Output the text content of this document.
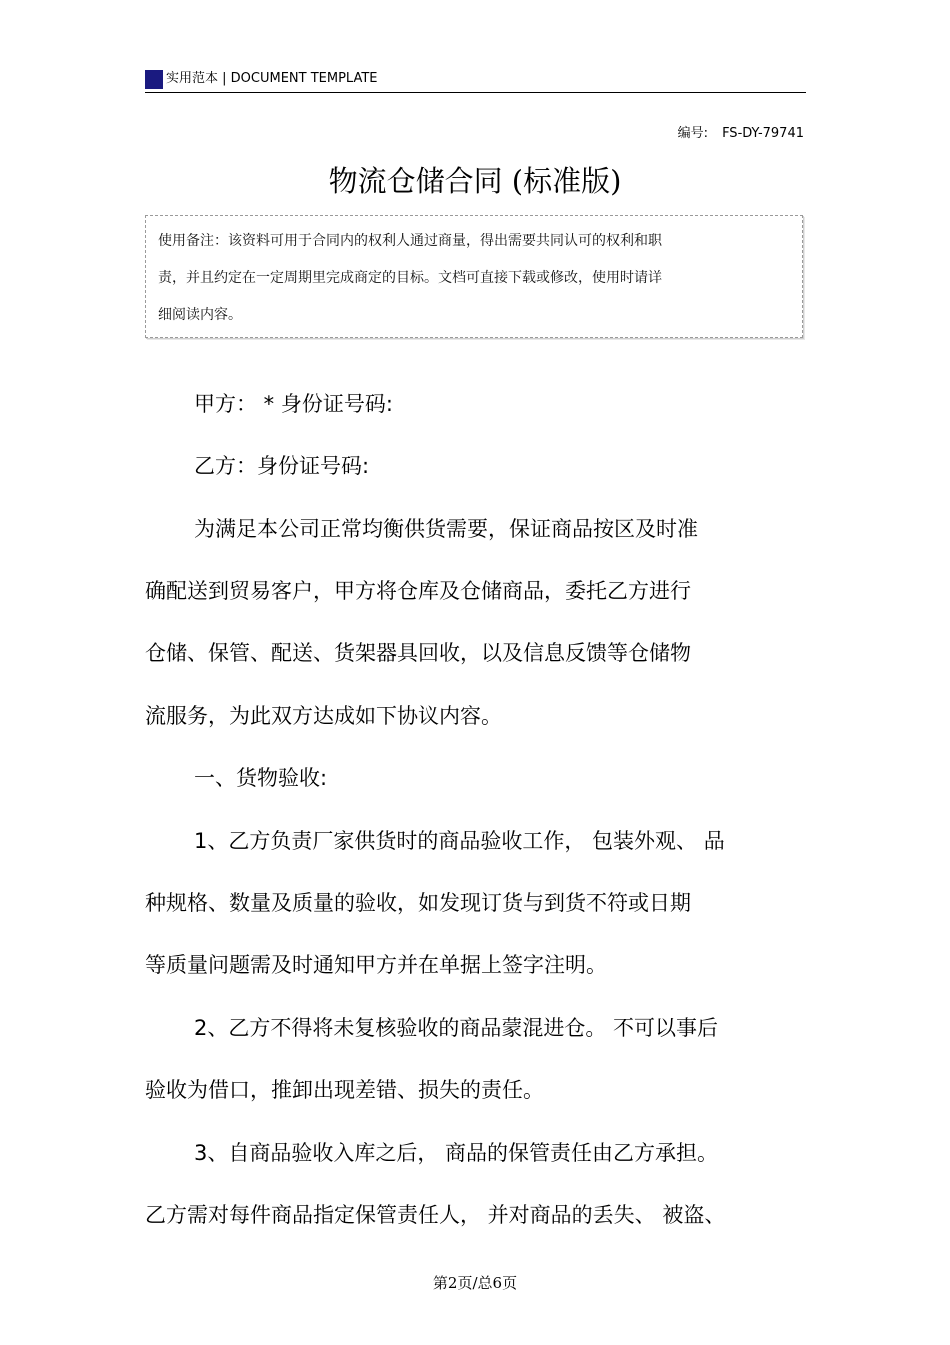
实用范本 | DOCUMENT TEMPLATE
编号: FS-DY-79741
物流仓储合同 (标准版)
使用备注：该资料可用于合同内的权利人通过商量，得出需要共同认可的权利和职
责，并且约定在一定周期里完成商定的目标。文档可直接下载或修改，使用时请详
细阅读内容。
甲方： * 身份证号码:
乙方：身份证号码:
为满足本公司正常均衡供货需要，保证商品按区及时准
确配送到贸易客户，甲方将仓库及仓储商品，委托乙方进行
仓储、保管、配送、货架器具回收，以及信息反馈等仓储物
流服务，为此双方达成如下协议内容。
一、货物验收:
1、乙方负责厂家供货时的商品验收工作， 包装外观、 品
种规格、数量及质量的验收，如发现订货与到货不符或日期
等质量问题需及时通知甲方并在单据上签字注明。
2、乙方不得将未复核验收的商品蒙混进仓。 不可以事后
验收为借口，推卸出现差错、损失的责任。
3、自商品验收入库之后， 商品的保管责任由乙方承担。
乙方需对每件商品指定保管责任人， 并对商品的丢失、 被盗、
第2页/总6页
